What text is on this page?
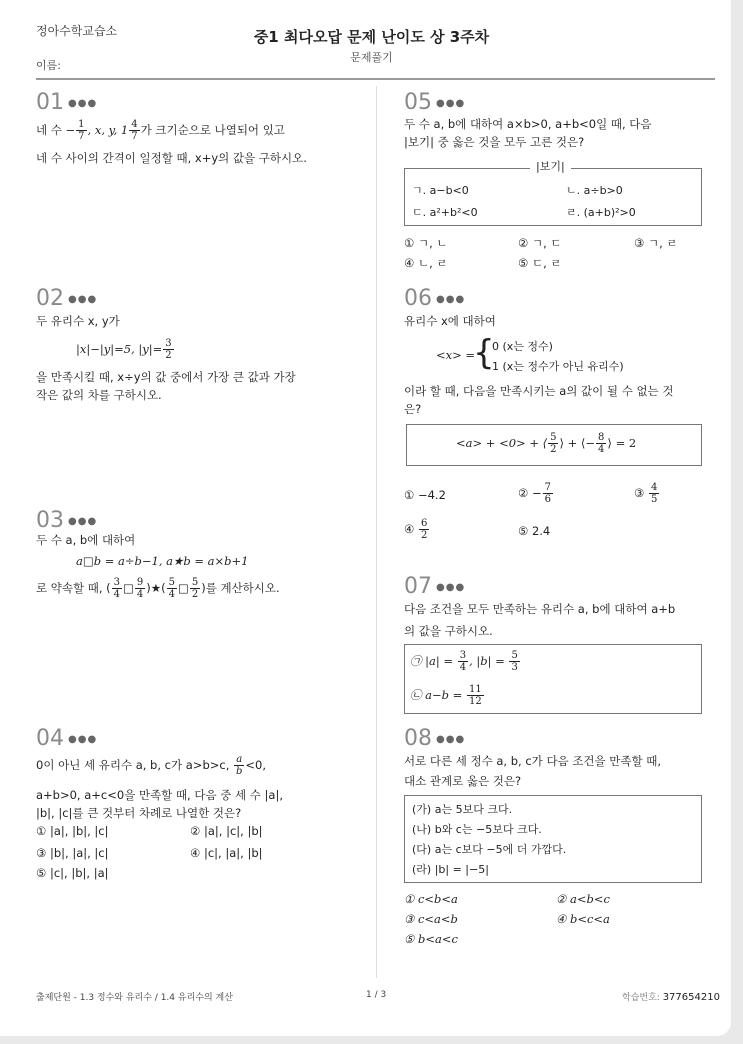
정아수학교습소	중1 최다오답 문제 난이도 상 3주차
문제풀기
이름:
01 ●●●
네 수 − $\frac{1}{7}$ , x, y, $1 \frac{4}{7}$ 가 크기순으로 나열되어 있고
네 수 사이의 간격이 일정할 때, x+y의 값을 구하시오.
02 ●●●
두 유리수 x, y가
|x|−|y|=5, $|y|= \frac{3}{2}$
을 만족시킬 때, x÷y의 값 중에서 가장 큰 값과 가장
작은 값의 차를 구하시오.
03 ●●●
두 수 a, b에 대하여
a□b = a÷b−1, a★b = a×b+1
로 약속할 때, ( $\frac{3}{4}$ □ $\frac{9}{4}$ )★( $\frac{5}{4}$ □ $\frac{5}{2}$ )를 계산하시오.
04 ●●●
0이 아닌 세 유리수 a, b, c가 a>b>c, $\frac{a}{b} <0$,
a+b>0, a+c<0을 만족할 때, 다음 중 세 수 |a|,
|b|, |c|를 큰 것부터 차례로 나열한 것은?
① |a|, |b|, |c|	② |a|, |c|, |b|
③ |b|, |a|, |c|	④ |c|, |a|, |b|
⑤ |c|, |b|, |a|
05 ●●●
두 수 a, b에 대하여 a×b>0, a+b<0일 때, 다음
|보기| 중 옳은 것을 모두 고른 것은?
|보기|
ㄱ. a−b<0	ㄴ. a÷b>0
ㄷ. a²+b²<0	ㄹ. (a+b)²>0
① ㄱ, ㄴ	② ㄱ, ㄷ	③ ㄱ, ㄹ
④ ㄴ, ㄹ	⑤ ㄷ, ㄹ
06 ●●●
유리수 x에 대하여
<x> =
{
0 (x는 정수)
1 (x는 정수가 아닌 유리수)
이라 할 때, 다음을 만족시키는 a의 값이 될 수 없는 것
은?
<a> + <0> + ⟨ $\frac{5}{2}$ ⟩ + ⟨− $\frac{8}{4}$ ⟩ = 2
① −4.2	② − $\frac{7}{6}$	③ $\frac{4}{5}$
④ $\frac{6}{2}$	⑤ 2.4
07 ●●●
다음 조건을 모두 만족하는 유리수 a, b에 대하여 a+b
의 값을 구하시오.
㉠ $|a| = \frac{3}{4}$ , $|b| = \frac{5}{3}$
㉡ $a-b = \frac{11}{12}$
08 ●●●
서로 다른 세 정수 a, b, c가 다음 조건을 만족할 때,
대소 관계로 옳은 것은?
(가) a는 5보다 크다.
(나) b와 c는 −5보다 크다.
(다) a는 c보다 −5에 더 가깝다.
(라) |b| = |−5|
① c<b<a	② a<b<c
③ c<a<b	④ b<c<a
⑤ b<a<c
출제단원 - 1.3 정수와 유리수 / 1.4 유리수의 계산	1 / 3	학습번호: 377654210
